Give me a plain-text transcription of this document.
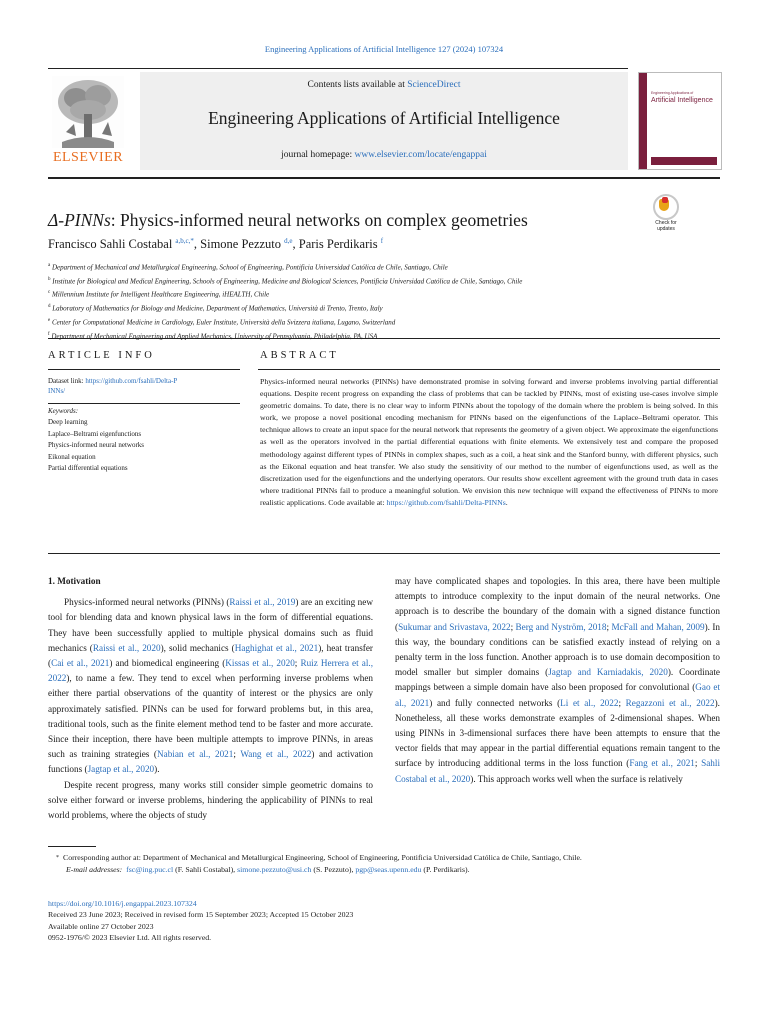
Engineering Applications of Artificial Intelligence 127 (2024) 107324
ELSEVIER
Contents lists available at ScienceDirect
Engineering Applications of Artificial Intelligence
journal homepage: www.elsevier.com/locate/engappai
Engineering Applications of
Artificial Intelligence
Δ-PINNs: Physics-informed neural networks on complex geometries	Check for
updates
Francisco Sahli Costabal $^{a,b,c,*}$, Simone Pezzuto $^{d,e}$, Paris Perdikaris $^f$
$^a$ Department of Mechanical and Metallurgical Engineering, School of Engineering, Pontificia Universidad Católica de Chile, Santiago, Chile
$^b$ Institute for Biological and Medical Engineering, Schools of Engineering, Medicine and Biological Sciences, Pontificia Universidad Católica de Chile, Santiago, Chile
$^c$ Millennium Institute for Intelligent Healthcare Engineering, iHEALTH, Chile
$^d$ Laboratory of Mathematics for Biology and Medicine, Department of Mathematics, Università di Trento, Trento, Italy
$^e$ Center for Computational Medicine in Cardiology, Euler Institute, Università della Svizzera italiana, Lugano, Switzerland
$^f$ Department of Mechanical Engineering and Applied Mechanics, University of Pennsylvania, Philadelphia, PA, USA
ARTICLE INFO	ABSTRACT
Dataset link: https://github.com/fsahli/Delta-P
INNs/
Keywords:
Deep learning
Laplace–Beltrami eigenfunctions
Physics-informed neural networks
Eikonal equation
Partial differential equations
Physics-informed neural networks (PINNs) have demonstrated promise in solving forward and inverse problems involving partial differential equations. Despite recent progress on expanding the class of problems that can be tackled by PINNs, most of existing use-cases involve simple geometric domains. To date, there is no clear way to inform PINNs about the topology of the domain where the problem is being solved. In this work, we propose a novel positional encoding mechanism for PINNs based on the eigenfunctions of the Laplace–Beltrami operator. This technique allows to create an input space for the neural network that represents the geometry of a given object. We approximate the eigenfunctions as well as the operators involved in the partial differential equations with finite elements. We extensively test and compare the proposed methodology against different types of PINNs in complex shapes, such as a coil, a heat sink and the Stanford bunny, with different physics, such as the Eikonal equation and heat transfer. We also study the sensitivity of our method to the number of eigenfunctions used, as well as the discretization used for the eigenfunctions and the underlying operators. Our results show excellent agreement with the ground truth data in cases where traditional PINNs fail to produce a meaningful solution. We envision this new technique will expand the effectiveness of PINNs to more realistic applications. Code available at: https://github.com/fsahli/Delta-PINNs.
1. Motivation

Physics-informed neural networks (PINNs) (Raissi et al., 2019) are an exciting new tool for blending data and known physical laws in the form of differential equations. They have been successfully applied to multiple physical domains such as fluid mechanics (Raissi et al., 2020), solid mechanics (Haghighat et al., 2021), heat transfer (Cai et al., 2021) and biomedical engineering (Kissas et al., 2020; Ruiz Herrera et al., 2022), to name a few. They tend to excel when performing inverse problems when either there partial observations of the quantity of interest or the physics are only approximately satisfied. PINNs can be used for forward problems but, in this area, traditional tools, such as the finite element method tend to be faster and more accurate. Since their inception, there have been multiple attempts to improve PINNs, in areas such as training strategies (Nabian et al., 2021; Wang et al., 2022) and activation functions (Jagtap et al., 2020).

Despite recent progress, many works still consider simple geometric domains to solve either forward or inverse problems, hindering the applicability of PINNs to real world problems, where the objects of study

may have complicated shapes and topologies. In this area, there have been multiple attempts to introduce complexity to the input domain of the neural networks. One approach is to describe the boundary of the domain with a signed distance function (Sukumar and Srivastava, 2022; Berg and Nyström, 2018; McFall and Mahan, 2009). In this way, the boundary conditions can be satisfied exactly instead of relying on a penalty term in the loss function. Another approach is to use domain decomposition to model smaller but simpler domains (Jagtap and Karniadakis, 2020). Coordinate mappings between a simple domain have also been proposed for convolutional (Gao et al., 2021) and fully connected networks (Li et al., 2022; Regazzoni et al., 2022). Nonetheless, all these works demonstrate examples of 2-dimensional shapes. When using PINNs in 3-dimensional surfaces there have been attempts to ensure that the vector fields that may appear in the partial differential equations remain tangent to the surface by introducing additional terms in the loss function (Fang et al., 2021; Sahli Costabal et al., 2020). This approach works well when the surface is relatively

* Corresponding author at: Department of Mechanical and Metallurgical Engineering, School of Engineering, Pontificia Universidad Católica de Chile, Santiago, Chile.
E-mail addresses: fsc@ing.puc.cl (F. Sahli Costabal), simone.pezzuto@usi.ch (S. Pezzuto), pgp@seas.upenn.edu (P. Perdikaris).
https://doi.org/10.1016/j.engappai.2023.107324
Received 23 June 2023; Received in revised form 15 September 2023; Accepted 15 October 2023
Available online 27 October 2023
0952-1976/© 2023 Elsevier Ltd. All rights reserved.
